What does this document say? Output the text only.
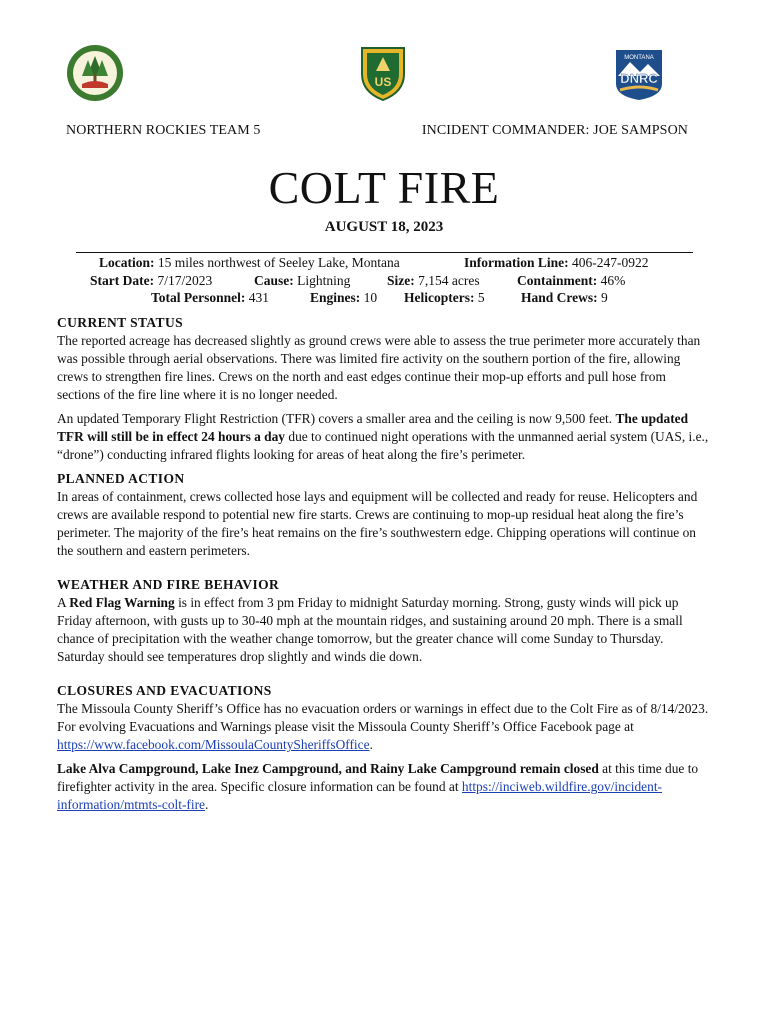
US
MONTANA
DNRC
NORTHERN ROCKIES TEAM 5	INCIDENT COMMANDER: JOE SAMPSON
COLT FIRE
AUGUST 18, 2023
Location: 15 miles northwest of Seeley Lake, Montana	Information Line: 406-247-0922
Start Date: 7/17/2023	Cause: Lightning	Size: 7,154 acres	Containment: 46%
Total Personnel: 431	Engines: 10 Helicopters: 5	Hand Crews: 9
CURRENT STATUS

The reported acreage has decreased slightly as ground crews were able to assess the true perimeter more accurately than was possible through aerial observations. There was limited fire activity on the southern portion of the fire, allowing crews to strengthen fire lines. Crews on the north and east edges continue their mop-up efforts and pull hose from sections of the fire line where it is no longer needed.

An updated Temporary Flight Restriction (TFR) covers a smaller area and the ceiling is now 9,500 feet. The updated TFR will still be in effect 24 hours a day due to continued night operations with the unmanned aerial system (UAS, i.e., “drone”) conducting infrared flights looking for areas of heat along the fire’s perimeter.

PLANNED ACTION

In areas of containment, crews collected hose lays and equipment will be collected and ready for reuse. Helicopters and crews are available respond to potential new fire starts. Crews are continuing to mop-up residual heat along the fire’s perimeter. The majority of the fire’s heat remains on the fire’s southwestern edge. Chipping operations will continue on the southern and eastern perimeters.

WEATHER AND FIRE BEHAVIOR

A Red Flag Warning is in effect from 3 pm Friday to midnight Saturday morning. Strong, gusty winds will pick up Friday afternoon, with gusts up to 30-40 mph at the mountain ridges, and sustaining around 20 mph. There is a small chance of precipitation with the weather change tomorrow, but the greater chance will come Sunday to Thursday. Saturday should see temperatures drop slightly and winds die down.

CLOSURES AND EVACUATIONS

The Missoula County Sheriff’s Office has no evacuation orders or warnings in effect due to the Colt Fire as of 8/14/2023. For evolving Evacuations and Warnings please visit the Missoula County Sheriff’s Office Facebook page at https://www.facebook.com/MissoulaCountySheriffsOffice.

Lake Alva Campground, Lake Inez Campground, and Rainy Lake Campground remain closed at this time due to firefighter activity in the area. Specific closure information can be found at https://inciweb.wildfire.gov/incident-information/mtmts-colt-fire.
